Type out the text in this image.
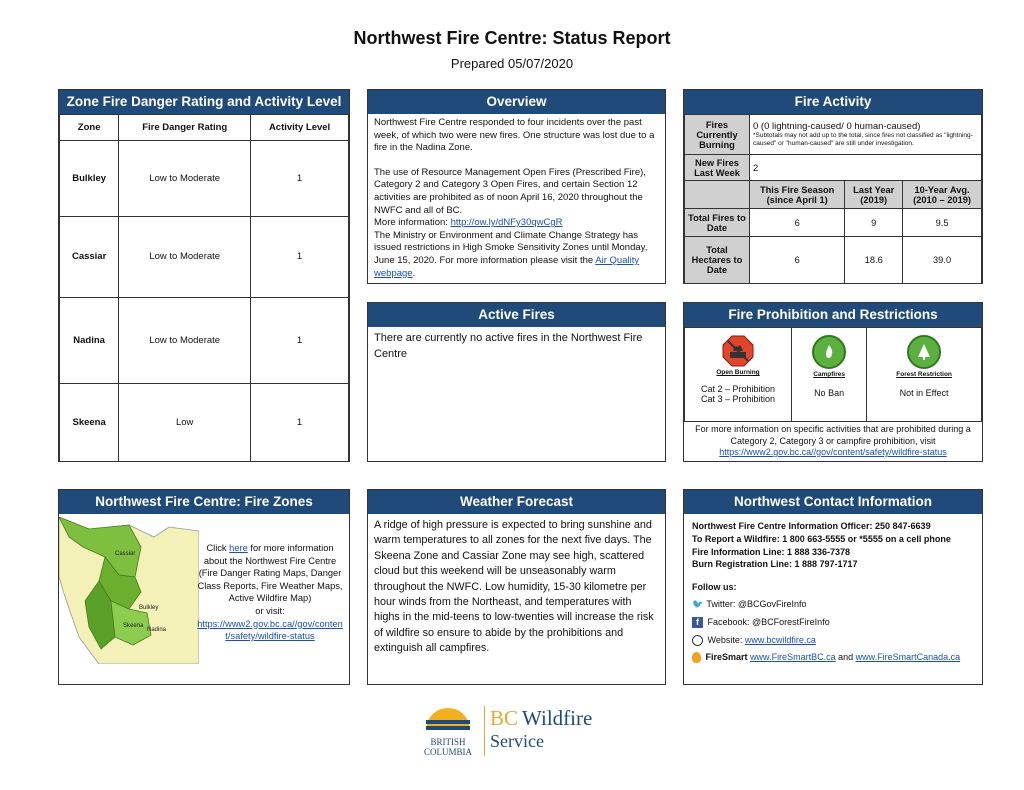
Northwest Fire Centre: Status Report
Prepared 05/07/2020
Zone Fire Danger Rating and Activity Level
Zone	Fire Danger Rating	Activity Level
Bulkley	Low to Moderate	1
Cassiar	Low to Moderate	1
Nadina	Low to Moderate	1
Skeena	Low	1
Overview
Northwest Fire Centre responded to four incidents over the past week, of which two were new fires. One structure was lost due to a fire in the Nadina Zone.
The use of Resource Management Open Fires (Prescribed Fire), Category 2 and Category 3 Open Fires, and certain Section 12 activities are prohibited as of noon April 16, 2020 throughout the NWFC and all of BC.
More information: http://ow.ly/dNFy30qwCgR
The Ministry or Environment and Climate Change Strategy has issued restrictions in High Smoke Sensitivity Zones until Monday, June 15, 2020. For more information please visit the Air Quality webpage.
Fire Activity
Fires Currently Burning	0 (0 lightning-caused/ 0 human-caused)
*Subtotals may not add up to the total, since fires not classified as "lightning-caused" or "human-caused" are still under investigation.		

New Fires Last Week	2		
	This Fire Season (since April 1)	Last Year (2019)	10-Year Avg. (2010 – 2019)
Total Fires to Date	6	9	9.5
Total Hectares to Date	6	18.6	39.0
Active Fires
There are currently no active fires in the Northwest Fire Centre
Fire Prohibition and Restrictions
Open Burning
Cat 2 – Prohibition
Cat 3 – Prohibition

Campfires
No Ban

Forest Restriction
Not in Effect
For more information on specific activities that are prohibited during a Category 2, Category 3 or campfire prohibition, visit
https://www2.gov.bc.ca//gov/content/safety/wildfire-status
Northwest Fire Centre: Fire Zones
Cassiar
Bulkley
Skeena
Nadina
Click here for more information about the Northwest Fire Centre (Fire Danger Rating Maps, Danger Class Reports, Fire Weather Maps, Active Wildfire Map)
or visit:
https://www2.gov.bc.ca//gov/content/safety/wildfire-status
Weather Forecast
A ridge of high pressure is expected to bring sunshine and warm temperatures to all zones for the next five days. The Skeena Zone and Cassiar Zone may see high, scattered cloud but this weekend will be unseasonably warm throughout the NWFC. Low humidity, 15-30 kilometre per hour winds from the Northeast, and temperatures with highs in the mid-teens to low-twenties will increase the risk of wildfire so ensure to abide by the prohibitions and extinguish all campfires.
Northwest Contact Information
Northwest Fire Centre Information Officer: 250 847-6639
To Report a Wildfire: 1 800 663-5555 or *5555 on a cell phone
Fire Information Line: 1 888 336-7378
Burn Registration Line: 1 888 797-1717
Follow us:
🐦 Twitter: @BCGovFireInfo
f Facebook: @BCForestFireInfo
Website: www.bcwildfire.ca
FireSmart www.FireSmartBC.ca and www.FireSmartCanada.ca
BRITISH
COLUMBIA
BC Wildfire
Service
